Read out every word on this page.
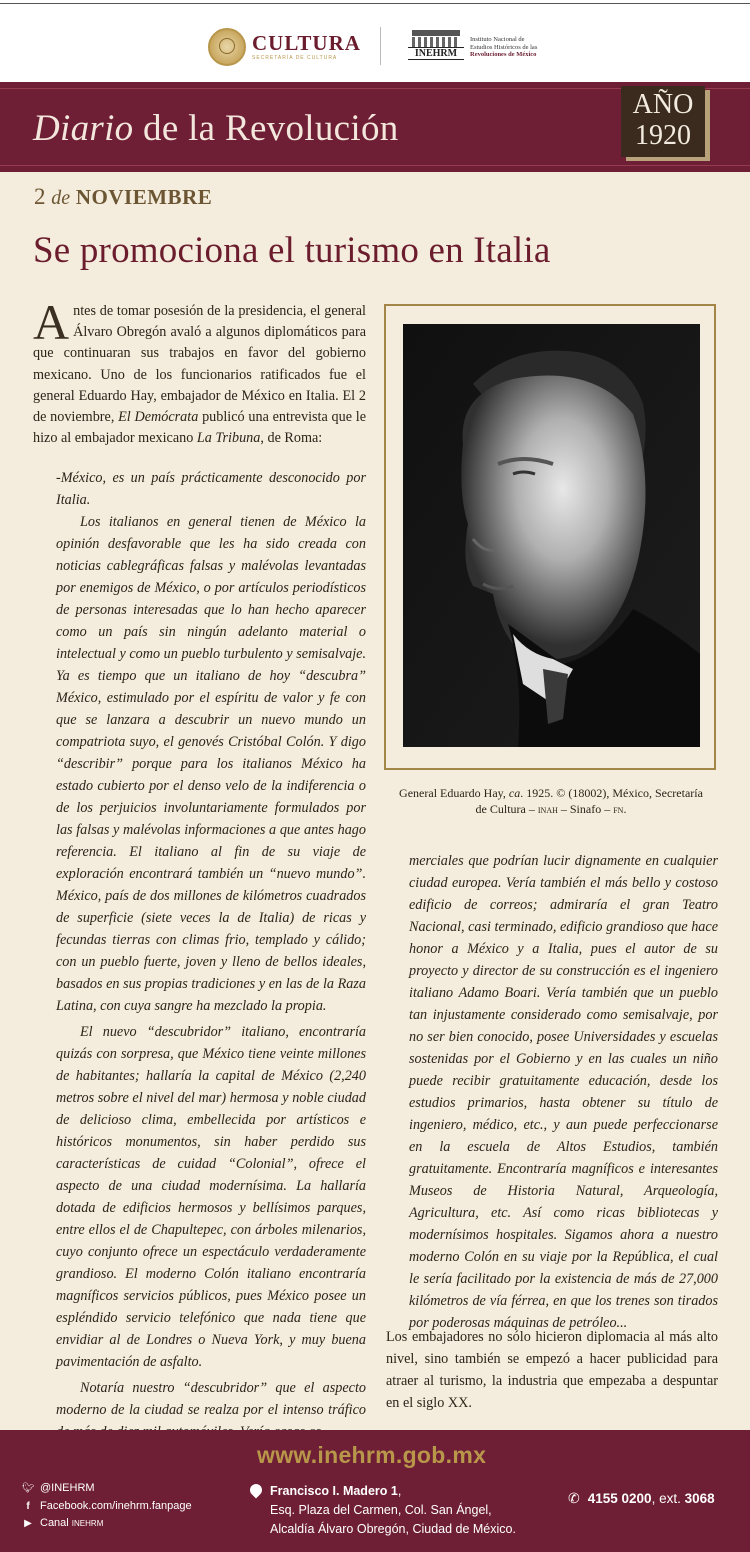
CULTURA
SECRETARÍA DE CULTURA	INEHRM
Instituto Nacional de
Estudios Históricos de las
Revoluciones de México
Diario de la Revolución
AÑO
1920
2 de NOVIEMBRE
Se promociona el turismo en Italia

Antes de tomar posesión de la presidencia, el general Álvaro Obregón avaló a algunos diplomáticos para que continuaran sus trabajos en favor del gobierno mexicano. Uno de los funcionarios ratificados fue el general Eduardo Hay, embajador de México en Italia. El 2 de noviembre, El Demócrata publicó una entrevista que le hizo al embajador mexicano La Tribuna, de Roma:

-México, es un país prácticamente desconocido por Italia.

Los italianos en general tienen de México la opinión desfavorable que les ha sido creada con noticias cablegráficas falsas y malévolas levantadas por enemigos de México, o por artículos periodísticos de personas interesadas que lo han hecho aparecer como un país sin ningún adelanto material o intelectual y como un pueblo turbulento y semisalvaje. Ya es tiempo que un italiano de hoy “descubra” México, estimulado por el espíritu de valor y fe con que se lanzara a descubrir un nuevo mundo un compatriota suyo, el genovés Cristóbal Colón. Y digo “describir” porque para los italianos México ha estado cubierto por el denso velo de la indiferencia o de los perjuicios involuntariamente formulados por las falsas y malévolas informaciones a que antes hago referencia. El italiano al fin de su viaje de exploración encontrará también un “nuevo mundo”. México, país de dos millones de kilómetros cuadrados de superficie (siete veces la de Italia) de ricas y fecundas tierras con climas frio, templado y cálido; con un pueblo fuerte, joven y lleno de bellos ideales, basados en sus propias tradiciones y en las de la Raza Latina, con cuya sangre ha mezclado la propia.

El nuevo “descubridor” italiano, encontraría quizás con sorpresa, que México tiene veinte millones de habitantes; hallaría la capital de México (2,240 metros sobre el nivel del mar) hermosa y noble ciudad de delicioso clima, embellecida por artísticos e históricos monumentos, sin haber perdido sus características de cuidad “Colonial”, ofrece el aspecto de una ciudad modernísima. La hallaría dotada de edificios hermosos y bellísimos parques, entre ellos el de Chapultepec, con árboles milenarios, cuyo conjunto ofrece un espectáculo verdaderamente grandioso. El moderno Colón italiano encontraría magníficos servicios públicos, pues México posee un espléndido servicio telefónico que nada tiene que envidiar al de Londres o Nueva York, y muy buena pavimentación de asfalto.

Notaría nuestro “descubridor” que el aspecto moderno de la ciudad se realza por el intenso tráfico

General Eduardo Hay, ca. 1925. © (18002), México, Secretaría de Cultura – inah – Sinafo – fn.

merciales que podrían lucir dignamente en cualquier ciudad europea. Vería también el más bello y costoso edificio de correos; admiraría el gran Teatro Nacional, casi terminado, edificio grandioso que hace honor a México y a Italia, pues el autor de su proyecto y director de su construcción es el ingeniero italiano Adamo Boari. Vería también que un pueblo tan injustamente considerado como semisalvaje, por no ser bien conocido, posee Universidades y escuelas sostenidas por el Gobierno y en las cuales un niño puede recibir gratuitamente educación, desde los estudios primarios, hasta obtener su título de ingeniero, médico, etc., y aun puede perfeccionarse en la escuela de Altos Estudios, también gratuitamente. Encontraría magníficos e interesantes Museos de Historia Natural, Arqueología, Agricultura, etc. Así como ricas bibliotecas y modernísimos hospitales. Sigamos ahora a nuestro moderno Colón en su viaje por la República, el cual le sería facilitado por la existencia de más de 27,000 kilómetros de vía férrea, en que los trenes son tirados por poderosas máquinas de petróleo...

Los embajadores no sólo hicieron diplomacia al más alto nivel, sino también se empezó a hacer publicidad para atraer al turismo, la industria que empezaba a despuntar en el siglo XX.

www.inehrm.gob.mx
🐦︎ @INEHRM
f Facebook.com/inehrm.fanpage
▶ Canal inehrm
Francisco I. Madero 1,
Esq. Plaza del Carmen, Col. San Ángel,
Alcaldía Álvaro Obregón, Ciudad de México.
✆ 4155 0200, ext. 3068
